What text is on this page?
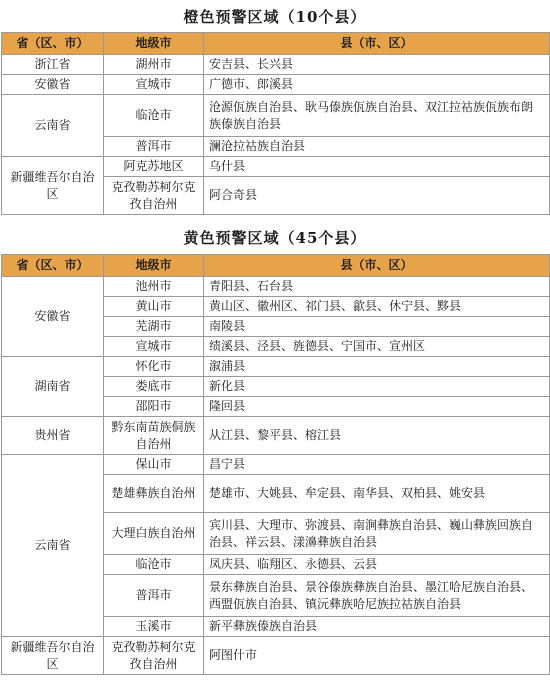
橙色预警区域（10个县）
省（区、市）	地级市	县（市、区）
浙江省	湖州市	安吉县、长兴县
安徽省	宣城市	广德市、郎溪县
云南省	临沧市	沧源佤族自治县、耿马傣族佤族自治县、双江拉祜族佤族布朗族傣族自治县
	普洱市	澜沧拉祜族自治县
新疆维吾尔自治区	阿克苏地区	乌什县
	克孜勒苏柯尔克孜自治州	阿合奇县
黄色预警区域（45个县）
省（区、市）	地级市	县（市、区）
安徽省	池州市	青阳县、石台县
	黄山市	黄山区、徽州区、祁门县、歙县、休宁县、黟县
	芜湖市	南陵县
	宣城市	绩溪县、泾县、旌德县、宁国市、宣州区
湖南省	怀化市	溆浦县
	娄底市	新化县
	邵阳市	隆回县
贵州省	黔东南苗族侗族自治州	从江县、黎平县、榕江县
云南省	保山市	昌宁县
	楚雄彝族自治州	楚雄市、大姚县、牟定县、南华县、双柏县、姚安县
	大理白族自治州	宾川县、大理市、弥渡县、南涧彝族自治县、巍山彝族回族自治县、祥云县、漾濞彝族自治县
	临沧市	凤庆县、临翔区、永德县、云县
	普洱市	景东彝族自治县、景谷傣族彝族自治县、墨江哈尼族自治县、西盟佤族自治县、镇沅彝族哈尼族拉祜族自治县
	玉溪市	新平彝族傣族自治县
新疆维吾尔自治区	克孜勒苏柯尔克孜自治州	阿图什市
